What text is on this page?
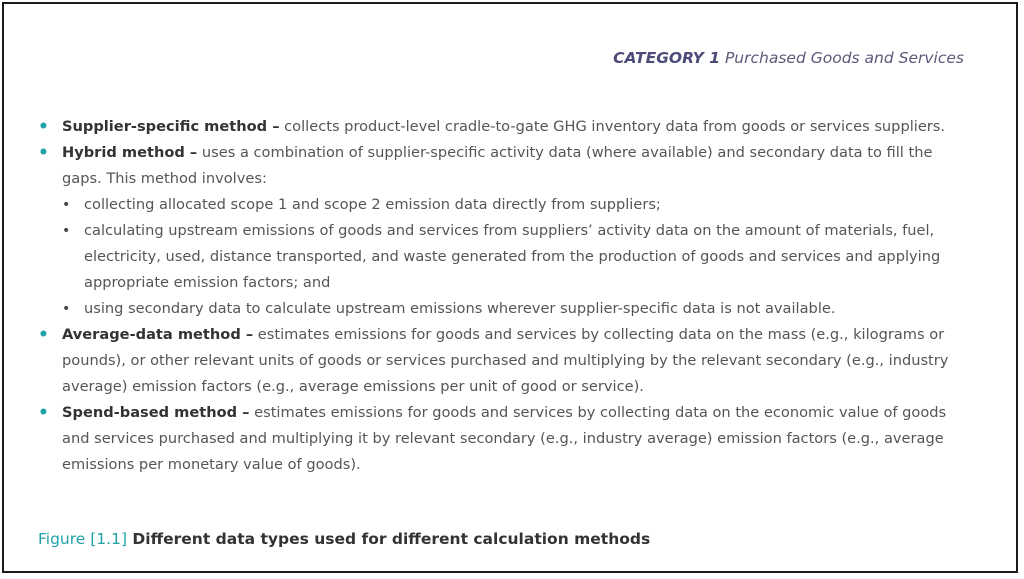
CATEGORY 1 Purchased Goods and Services
• Supplier-specific method – collects product-level cradle-to-gate GHG inventory data from goods or services suppliers.
• Hybrid method – uses a combination of supplier-specific activity data (where available) and secondary data to fill the gaps. This method involves:
• collecting allocated scope 1 and scope 2 emission data directly from suppliers;
• calculating upstream emissions of goods and services from suppliers’ activity data on the amount of materials, fuel, electricity, used, distance transported, and waste generated from the production of goods and services and applying appropriate emission factors; and
• using secondary data to calculate upstream emissions wherever supplier-specific data is not available.
• Average-data method – estimates emissions for goods and services by collecting data on the mass (e.g., kilograms or pounds), or other relevant units of goods or services purchased and multiplying by the relevant secondary (e.g., industry average) emission factors (e.g., average emissions per unit of good or service).
• Spend-based method – estimates emissions for goods and services by collecting data on the economic value of goods and services purchased and multiplying it by relevant secondary (e.g., industry average) emission factors (e.g., average emissions per monetary value of goods).
Figure [1.1] Different data types used for different calculation methods
